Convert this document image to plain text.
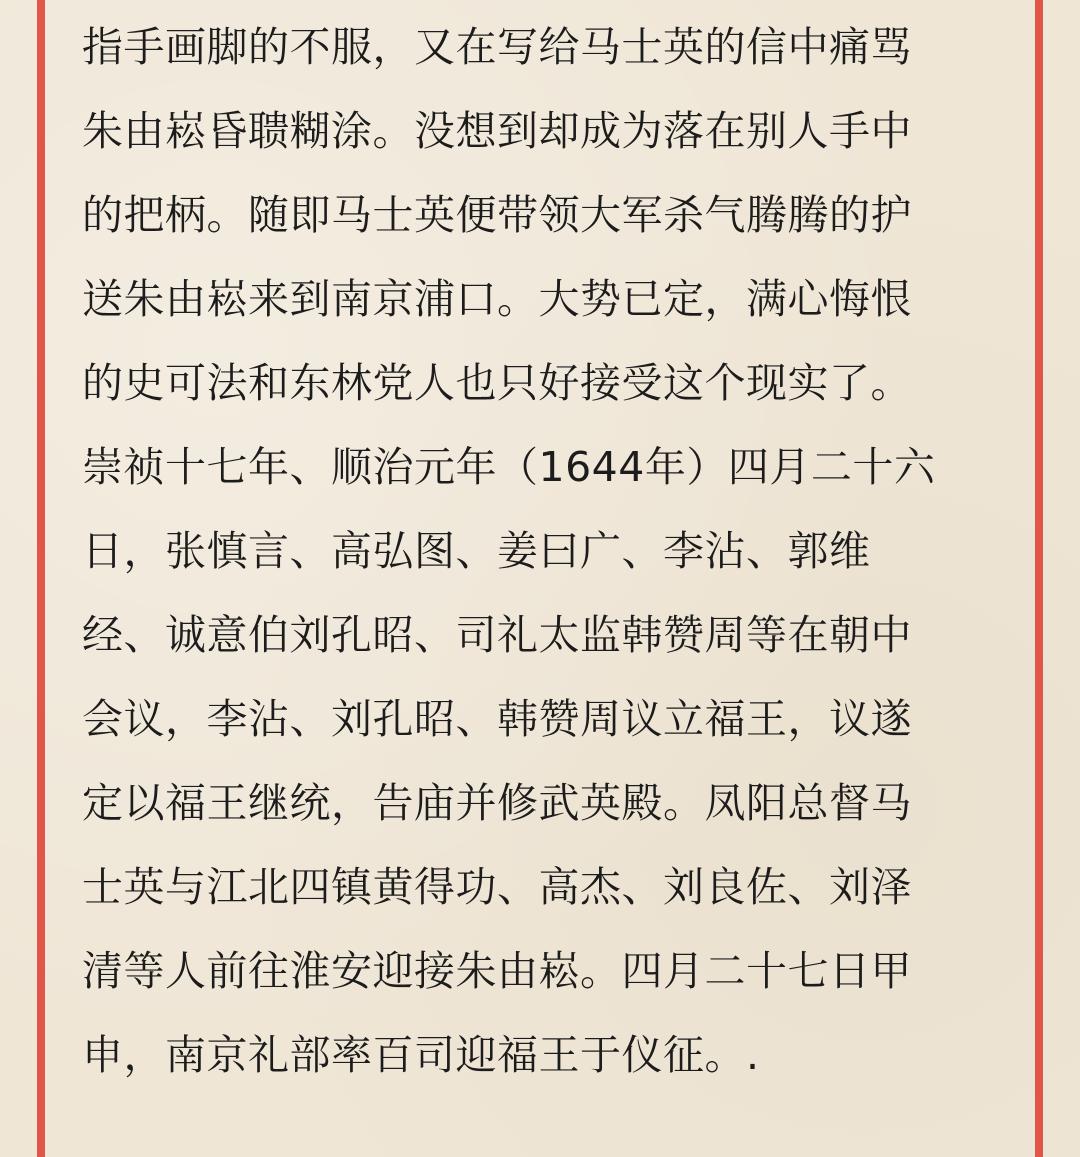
指手画脚的不服，又在写给马士英的信中痛骂
朱由崧昏聩糊涂。没想到却成为落在别人手中
的把柄。随即马士英便带领大军杀气腾腾的护
送朱由崧来到南京浦口。大势已定，满心悔恨
的史可法和东林党人也只好接受这个现实了。
崇祯十七年、顺治元年（1644年）四月二十六
日，张慎言、高弘图、姜曰广、李沾、郭维
经、诚意伯刘孔昭、司礼太监韩赞周等在朝中
会议，李沾、刘孔昭、韩赞周议立福王，议遂
定以福王继统，告庙并修武英殿。凤阳总督马
士英与江北四镇黄得功、高杰、刘良佐、刘泽
清等人前往淮安迎接朱由崧。四月二十七日甲
申，南京礼部率百司迎福王于仪征。.
